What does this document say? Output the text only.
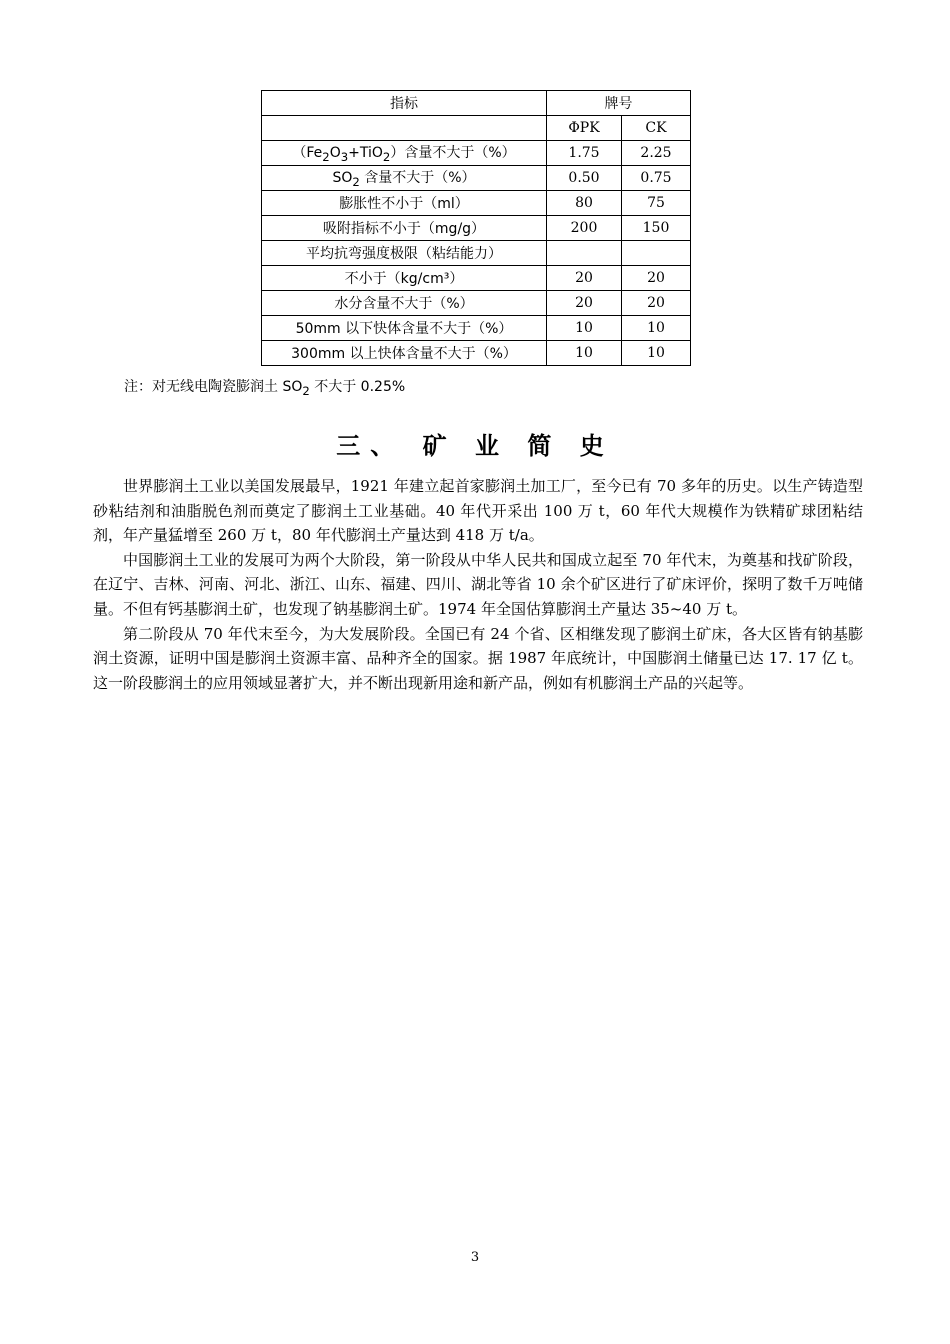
指标	牌号	
	ΦPK	CK
$(Fe_2O_3+TiO_2)$含量不大于（%）	1.75	2.25
$SO_2$ 含量不大于（%）	0.50	0.75
膨胀性不小于（ml）	80	75
吸附指标不小于（mg/g）	200	150
平均抗弯强度极限（粘结能力）		
不小于（kg/cm³）	20	20
水分含量不大于（%）	20	20
50mm 以下快体含量不大于（%）	10	10
300mm 以上快体含量不大于（%）	10	10
注：对无线电陶瓷膨润土 $SO_2$ 不大于 0.25%
三、 矿 业 简 史

世界膨润土工业以美国发展最早，1921 年建立起首家膨润土加工厂，至今已有 70 多年的历史。以生产铸造型砂粘结剂和油脂脱色剂而奠定了膨润土工业基础。40 年代开采出 100 万 t，60 年代大规模作为铁精矿球团粘结剂，年产量猛增至 260 万 t，80 年代膨润土产量达到 418 万 t/a。

中国膨润土工业的发展可为两个大阶段，第一阶段从中华人民共和国成立起至 70 年代末，为奠基和找矿阶段，在辽宁、吉林、河南、河北、浙江、山东、福建、四川、湖北等省 10 余个矿区进行了矿床评价，探明了数千万吨储量。不但有钙基膨润土矿，也发现了钠基膨润土矿。1974 年全国估算膨润土产量达 35~40 万 t。

第二阶段从 70 年代末至今，为大发展阶段。全国已有 24 个省、区相继发现了膨润土矿床，各大区皆有钠基膨润土资源，证明中国是膨润土资源丰富、品种齐全的国家。据 1987 年底统计，中国膨润土储量已达 17. 17 亿 t。这一阶段膨润土的应用领域显著扩大，并不断出现新用途和新产品，例如有机膨润土产品的兴起等。

3
